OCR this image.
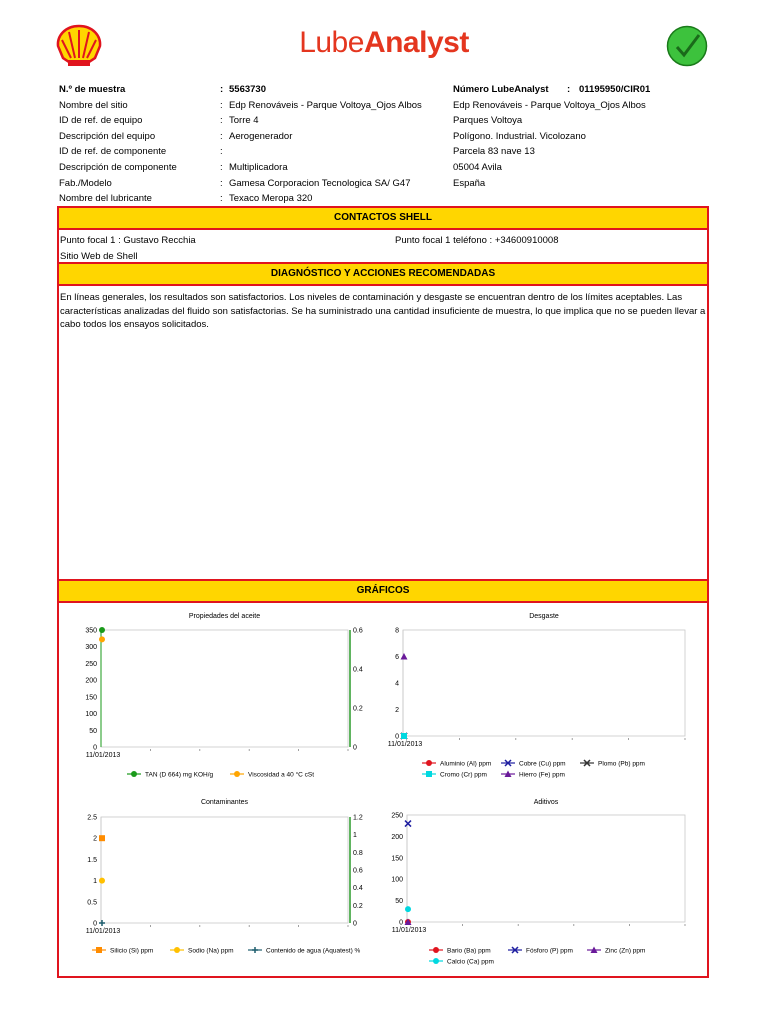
LubeAnalyst
N.º de muestra	: 5563730
Nombre del sitio	: Edp Renováveis - Parque Voltoya_Ojos Albos
ID de ref. de equipo	: Torre 4
Descripción del equipo	: Aerogenerador
ID de ref. de componente	:
Descripción de componente	: Multiplicadora
Fab./Modelo	: Gamesa Corporacion Tecnologica SA/ G47
Nombre del lubricante	: Texaco Meropa 320
Número LubeAnalyst : 01195950/CIR01
Edp Renováveis - Parque Voltoya_Ojos Albos
Parques Voltoya
Polígono. Industrial. Vicolozano
Parcela 83 nave 13
05004 Avila
España
CONTACTOS SHELL
Punto focal 1 : Gustavo Recchia	Punto focal 1 teléfono : +34600910008
Sitio Web de Shell
DIAGNÓSTICO Y ACCIONES RECOMENDADAS
En líneas generales, los resultados son satisfactorios. Los niveles de contaminación y desgaste se encuentran dentro de los límites aceptables. Las características analizadas del fluido son satisfactorias. Se ha suministrado una cantidad insuficiente de muestra, lo que implica que no se pueden llevar a cabo todos los ensayos solicitados.
GRÁFICOS
Propiedades del aceite
350
300
250
200
150
100
50
0
0.6
0.4
0.2
0
11/01/2013
TAN (D 664) mg KOH/g	Viscosidad a 40 °C cSt
Desgaste
8
6
4
2
0
11/01/2013
Aluminio (Al) ppm	Cobre (Cu) ppm	Plomo (Pb) ppm
Cromo (Cr) ppm	Hierro (Fe) ppm
Contaminantes
2.5
2
1.5
1
0.5
0
1.2
1
0.8
0.6
0.4
0.2
0
11/01/2013
Silicio (Si) ppm	Sodio (Na) ppm	Contenido de agua (Aquatest) %
Aditivos
250
200
150
100
50
0
11/01/2013
Bario (Ba) ppm	Fósforo (P) ppm	Zinc (Zn) ppm
Calcio (Ca) ppm
